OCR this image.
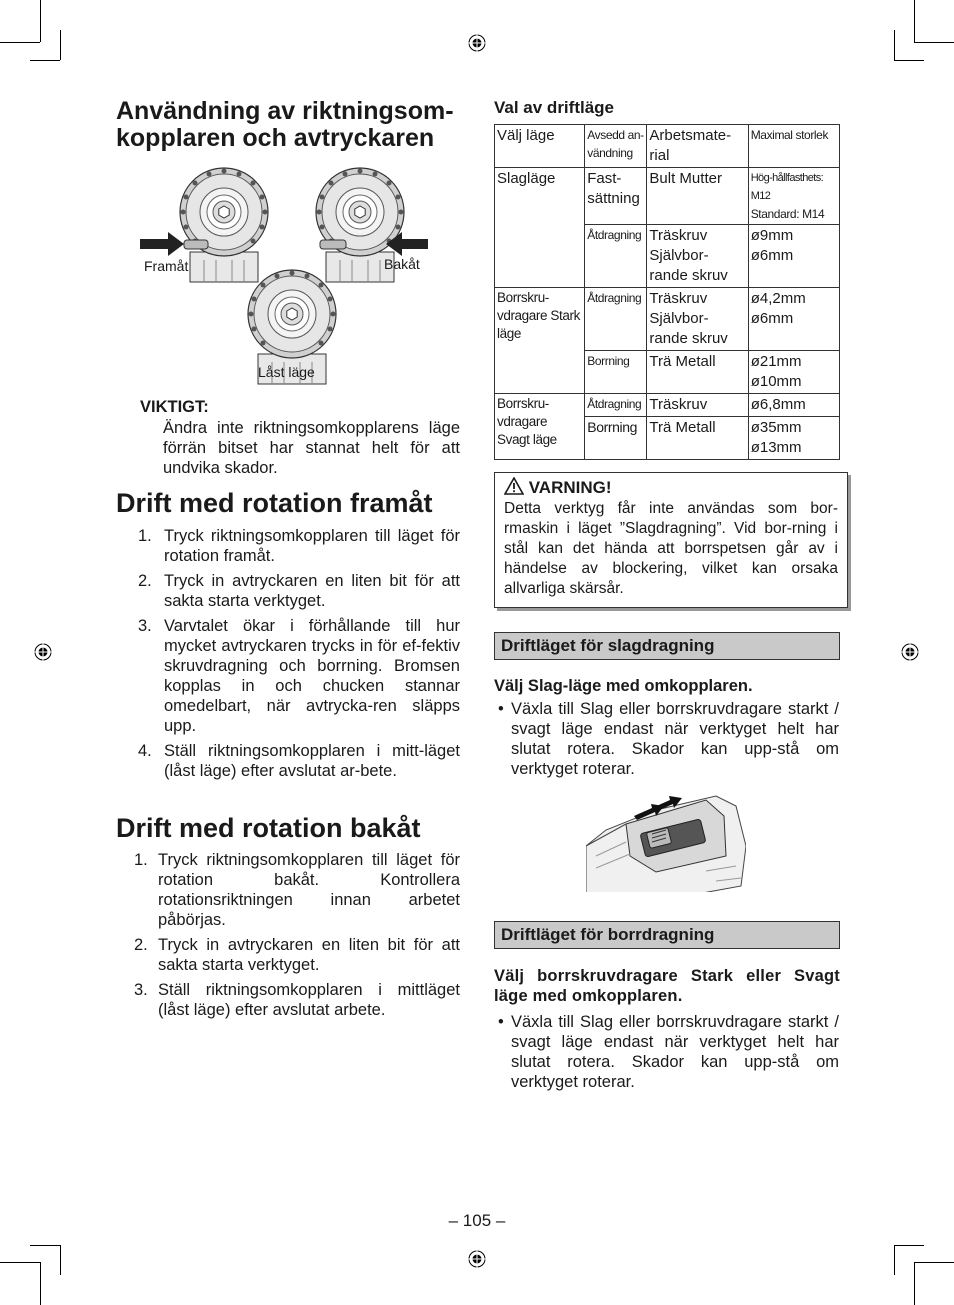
Användning av riktningsom-kopplaren och avtryckaren
Framåt	Bakåt
Låst läge
VIKTIGT:
Ändra inte riktningsomkopplarens läge förrän bitset har stannat helt för att undvika skador.
Drift med rotation framåt
1. Tryck riktningsomkopplaren till läget för rotation framåt.
2. Tryck in avtryckaren en liten bit för att sakta starta verktyget.
3. Varvtalet ökar i förhållande till hur mycket avtryckaren trycks in för ef-fektiv skruvdragning och borrning. Bromsen kopplas in och chucken stannar omedelbart, när avtrycka-ren släpps upp.
4. Ställ riktningsomkopplaren i mitt-läget (låst läge) efter avslutat ar-bete.
Drift med rotation bakåt
1. Tryck riktningsomkopplaren till läget för rotation bakåt. Kontrollera rotationsriktningen innan arbetet påbörjas.
2. Tryck in avtryckaren en liten bit för att sakta starta verktyget.
3. Ställ riktningsomkopplaren i mittläget (låst läge) efter avslutat arbete.
Val av driftläge
Välj läge	Avsedd an-vändning	Arbetsmate-rial	Maximal storlek
Slagläge	Fast-sättning	Bult Mutter	Hög-hållfasthets: M12
Standard: M14

	Åtdragning	Träskruv Självbor-rande skruv	ø9mm ø6mm
Borrskru-vdragare Stark läge	Åtdragning	Träskruv Självbor-rande skruv	ø4,2mm ø6mm
	Borrning	Trä Metall	ø21mm ø10mm
Borrskru-vdragare Svagt läge	Åtdragning	Träskruv	ø6,8mm
	Borrning	Trä Metall	ø35mm ø13mm
VARNING!
Detta verktyg får inte användas som bor-rmaskin i läget ”Slagdragning”. Vid bor-rning i stål kan det hända att borrspetsen går av i händelse av blockering, vilket kan orsaka allvarliga skärsår.
Driftläget för slagdragning
Välj Slag-läge med omkopplaren.
• Växla till Slag eller borrskruvdragare starkt / svagt läge endast när verktyget helt har slutat rotera. Skador kan upp-stå om verktyget roterar.
Driftläget för borrdragning
Välj borrskruvdragare Stark eller Svagt läge med omkopplaren.
• Växla till Slag eller borrskruvdragare starkt / svagt läge endast när verktyget helt har slutat rotera. Skador kan upp-stå om verktyget roterar.
– 105 –
